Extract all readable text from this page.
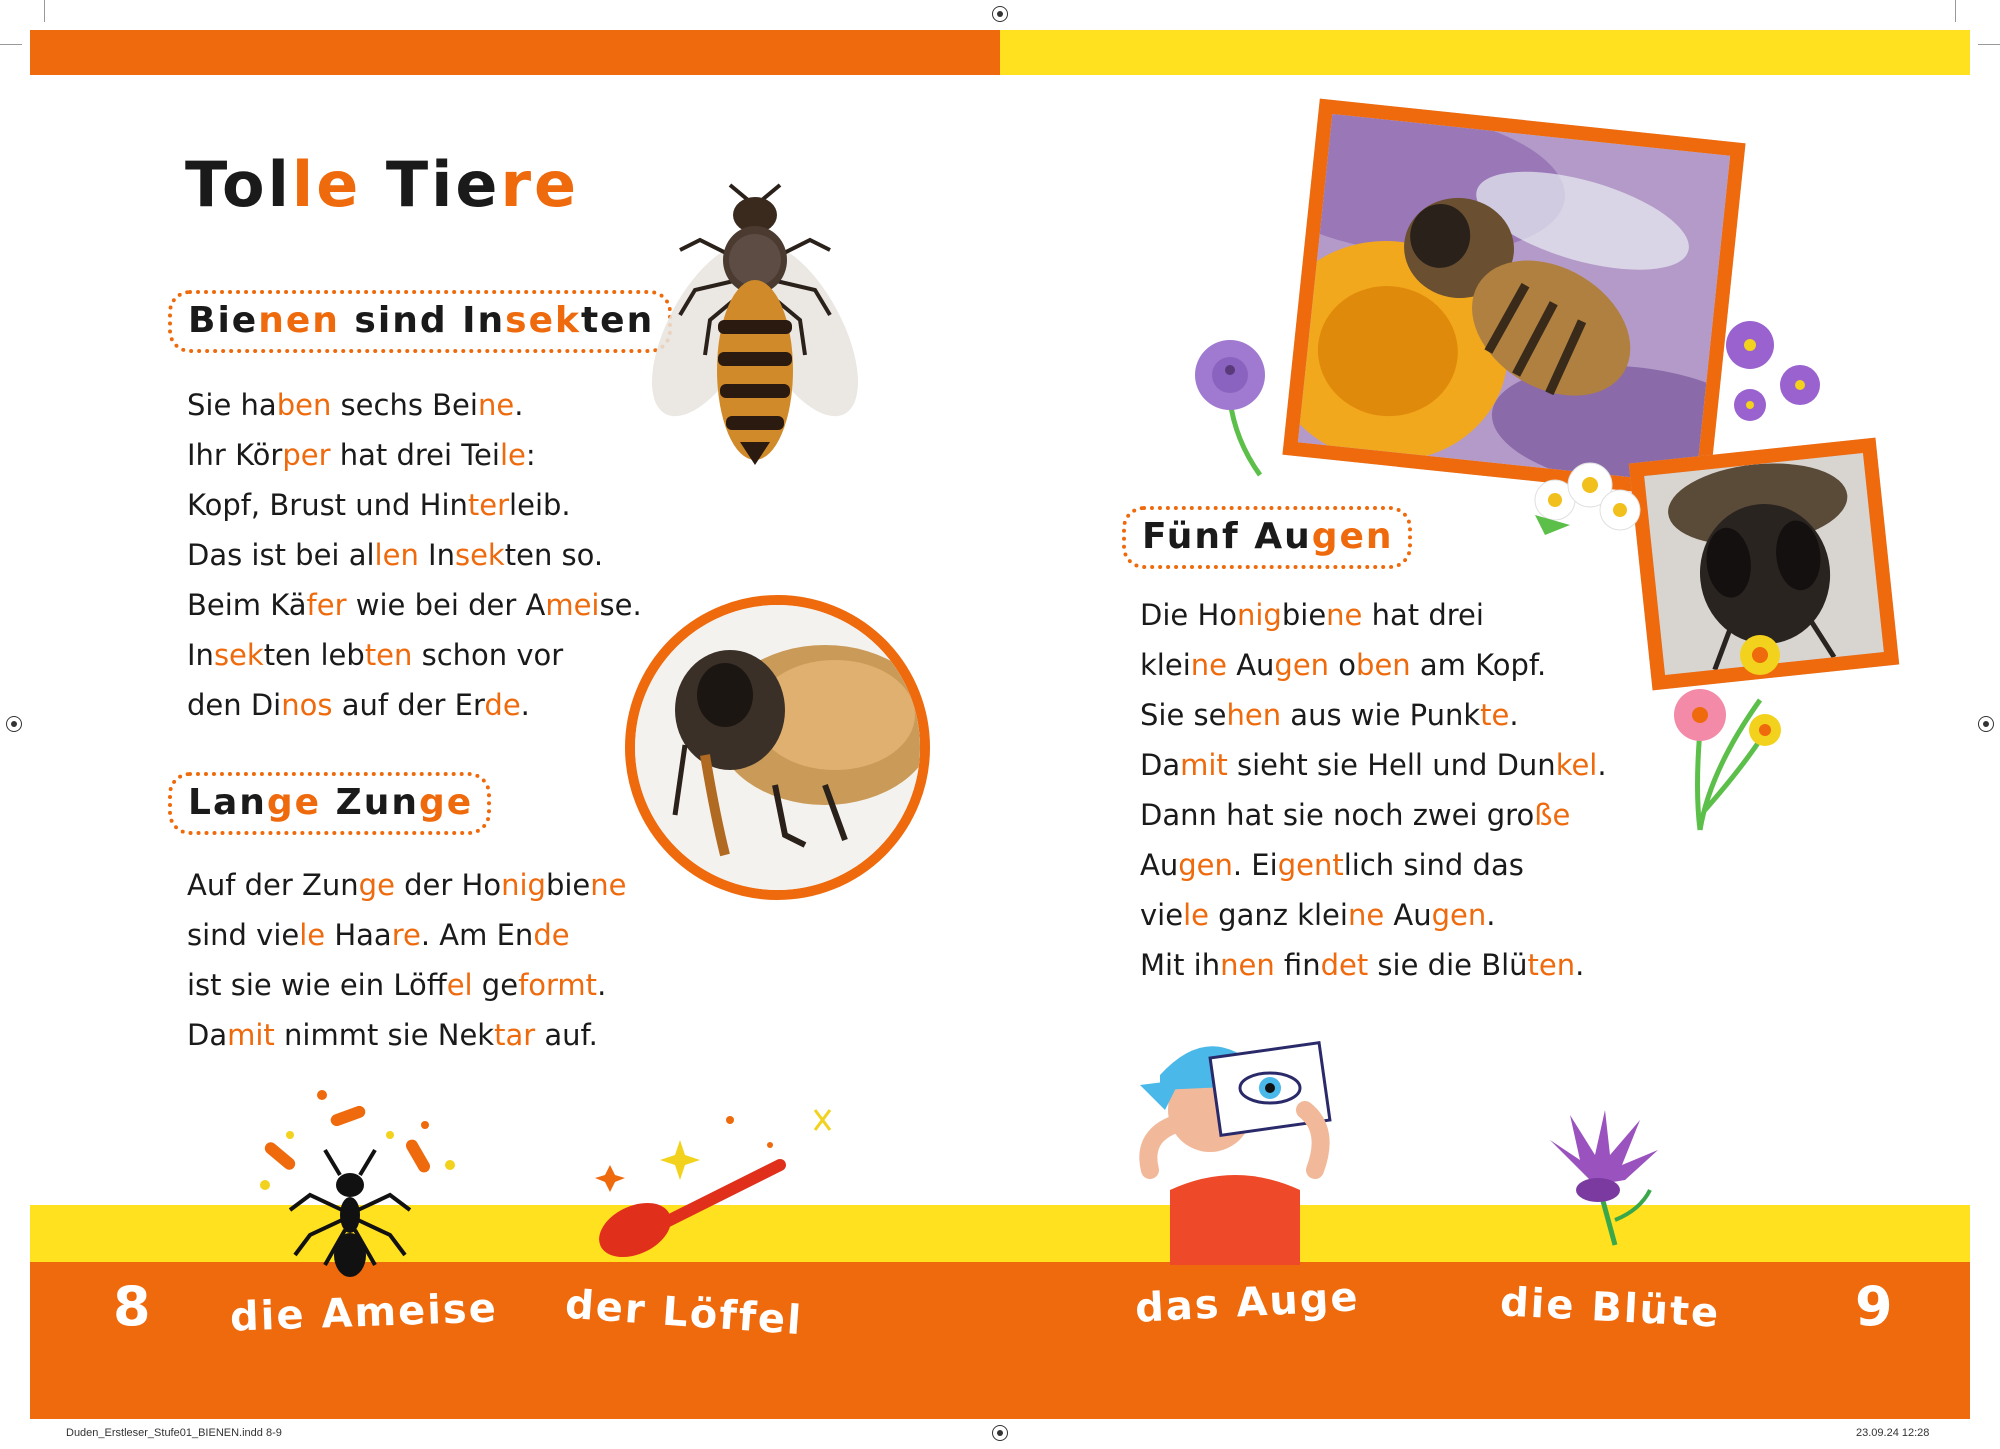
Tolle Tiere
Bienen sind Insekten
Sie haben sechs Beine.
Ihr Körper hat drei Teile:
Kopf, Brust und Hinterleib.
Das ist bei allen Insekten so.
Beim Käfer wie bei der Ameise.
Insekten lebten schon vor
den Dinos auf der Erde.
Lange Zunge
Auf der Zunge der Honigbiene
sind viele Haare. Am Ende
ist sie wie ein Löffel geformt.
Damit nimmt sie Nektar auf.
Fünf Augen
Die Honigbiene hat drei
kleine Augen oben am Kopf.
Sie sehen aus wie Punkte.
Damit sieht sie Hell und Dunkel.
Dann hat sie noch zwei große
Augen. Eigentlich sind das
viele ganz kleine Augen.
Mit ihnen findet sie die Blüten.
8	9
die Ameise der Löffel	das Auge	die Blüte
Duden_Erstleser_Stufe01_BIENEN.indd 8-9	23.09.24 12:28
